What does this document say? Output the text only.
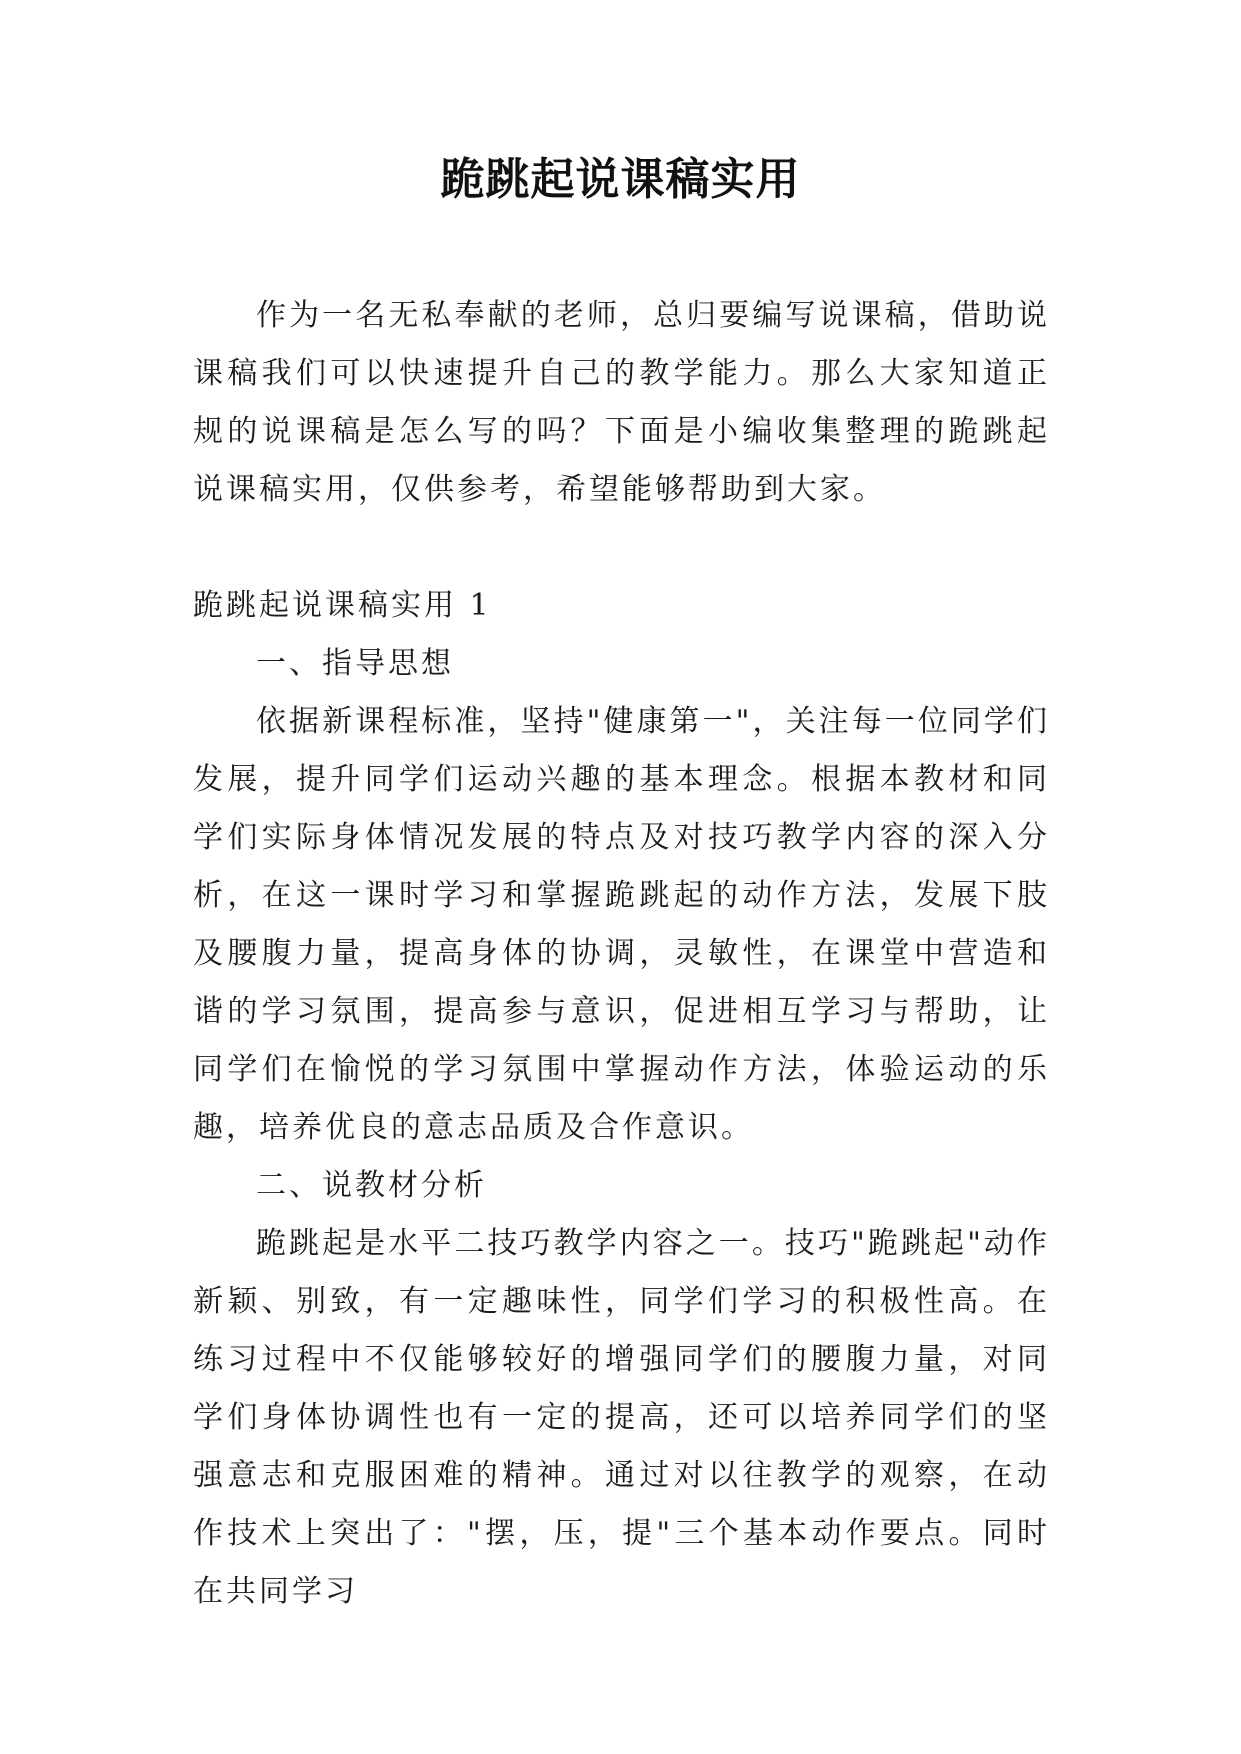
跪跳起说课稿实用

作为一名无私奉献的老师，总归要编写说课稿，借助说课稿我们可以快速提升自己的教学能力。那么大家知道正规的说课稿是怎么写的吗？下面是小编收集整理的跪跳起说课稿实用，仅供参考，希望能够帮助到大家。

跪跳起说课稿实用 1

一、指导思想

依据新课程标准，坚持"健康第一"，关注每一位同学们发展，提升同学们运动兴趣的基本理念。根据本教材和同学们实际身体情况发展的特点及对技巧教学内容的深入分析，在这一课时学习和掌握跪跳起的动作方法，发展下肢及腰腹力量，提高身体的协调，灵敏性，在课堂中营造和谐的学习氛围，提高参与意识，促进相互学习与帮助，让同学们在愉悦的学习氛围中掌握动作方法，体验运动的乐趣，培养优良的意志品质及合作意识。

二、说教材分析

跪跳起是水平二技巧教学内容之一。技巧"跪跳起"动作新颖、别致，有一定趣味性，同学们学习的积极性高。在练习过程中不仅能够较好的增强同学们的腰腹力量，对同学们身体协调性也有一定的提高，还可以培养同学们的坚强意志和克服困难的精神。通过对以往教学的观察，在动作技术上突出了："摆，压，提"三个基本动作要点。同时在共同学习
